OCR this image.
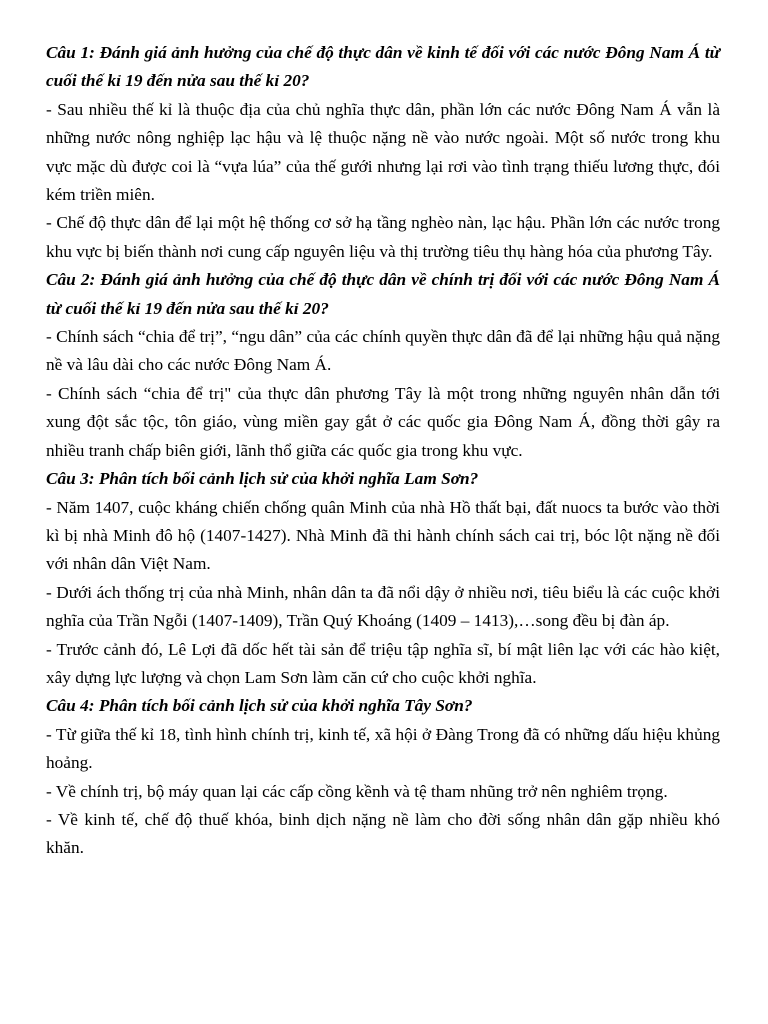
Câu 1: Đánh giá ảnh hưởng của chế độ thực dân về kinh tế đối với các nước Đông Nam Á từ cuối thế kỉ 19 đến nửa sau thế kỉ 20?

- Sau nhiều thế kỉ là thuộc địa của chủ nghĩa thực dân, phần lớn các nước Đông Nam Á vẫn là những nước nông nghiệp lạc hậu và lệ thuộc nặng nề vào nước ngoài. Một số nước trong khu vực mặc dù được coi là “vựa lúa” của thế gưới nhưng lại rơi vào tình trạng thiếu lương thực, đói kém triền miên.

- Chế độ thực dân để lại một hệ thống cơ sở hạ tầng nghèo nàn, lạc hậu. Phần lớn các nước trong khu vực bị biến thành nơi cung cấp nguyên liệu và thị trường tiêu thụ hàng hóa của phương Tây.

Câu 2: Đánh giá ảnh hưởng của chế độ thực dân về chính trị đối với các nước Đông Nam Á từ cuối thế kỉ 19 đến nửa sau thế kỉ 20?

- Chính sách “chia để trị”, “ngu dân” của các chính quyền thực dân đã để lại những hậu quả nặng nề và lâu dài cho các nước Đông Nam Á.

- Chính sách “chia để trị" của thực dân phương Tây là một trong những nguyên nhân dẫn tới xung đột sắc tộc, tôn giáo, vùng miền gay gắt ở các quốc gia Đông Nam Á, đồng thời gây ra nhiều tranh chấp biên giới, lãnh thổ giữa các quốc gia trong khu vực.

Câu 3: Phân tích bối cảnh lịch sử của khởi nghĩa Lam Sơn?

- Năm 1407, cuộc kháng chiến chống quân Minh của nhà Hồ thất bại, đất nuocs ta bước vào thời kì bị nhà Minh đô hộ (1407-1427). Nhà Minh đã thi hành chính sách cai trị, bóc lột nặng nề đối với nhân dân Việt Nam.

- Dưới ách thống trị của nhà Minh, nhân dân ta đã nổi dậy ở nhiều nơi, tiêu biểu là các cuộc khởi nghĩa của Trần Ngỗi (1407-1409), Trần Quý Khoáng (1409 – 1413),…song đều bị đàn áp.

- Trước cảnh đó, Lê Lợi đã dốc hết tài sản để triệu tập nghĩa sĩ, bí mật liên lạc với các hào kiệt, xây dựng lực lượng và chọn Lam Sơn làm căn cứ cho cuộc khởi nghĩa.

Câu 4: Phân tích bối cảnh lịch sử của khởi nghĩa Tây Sơn?

- Từ giữa thế kỉ 18, tình hình chính trị, kinh tế, xã hội ở Đàng Trong đã có những dấu hiệu khủng hoảng.

- Về chính trị, bộ máy quan lại các cấp cồng kềnh và tệ tham nhũng trở nên nghiêm trọng.

- Về kinh tế, chế độ thuế khóa, binh dịch nặng nề làm cho đời sống nhân dân gặp nhiều khó khăn.
